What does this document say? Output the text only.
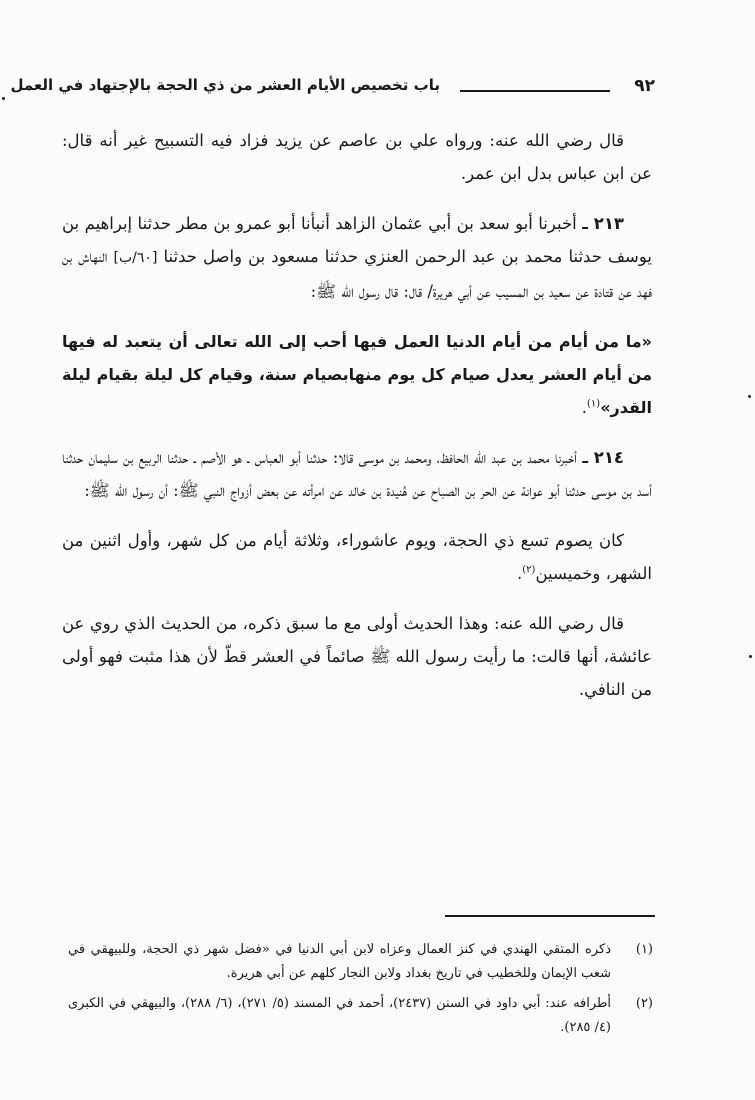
٩٢
باب تخصيص الأيام العشر من ذي الحجة بالإجتهاد في العمل

قال رضي الله عنه: ورواه علي بن عاصم عن يزيد فزاد فيه التسبيح غير أنه قال: عن ابن عباس بدل ابن عمر.

٢١٣ ـ أخبرنا أبو سعد بن أبي عثمان الزاهد أنبأنا أبو عمرو بن مطر حدثنا إبراهيم بن يوسف حدثنا محمد بن عبد الرحمن العنزي حدثنا مسعود بن واصل حدثنا [٦٠/ب] النهاش بن فهد عن قتادة عن سعيد بن المسيب عن أبي هريرة/ قال: قال رسول الله ﷺ:

«ما من أيام من أيام الدنيا العمل فيها أحب إلى الله تعالى أن يتعبد له فيها من أيام العشر يعدل صيام كل يوم منهابصيام سنة، وقيام كل ليلة بقيام ليلة القدر»$^{(١)}$.

٢١٤ ـ أخبرنا محمد بن عبد الله الحافظ، ومحمد بن موسى قالا: حدثنا أبو العباس ـ هو الأصم ـ حدثنا الربيع بن سليمان حدثنا أسد بن موسى حدثنا أبو عوانة عن الحر بن الصباح عن هُنيدة بن خالد عن امرأته عن بعض أزواج النبي ﷺ: أن رسول الله ﷺ:

كان يصوم تسع ذي الحجة، ويوم عاشوراء، وثلاثة أيام من كل شهر، وأول اثنين من الشهر، وخميسين$^{(٢)}$.

قال رضي الله عنه: وهذا الحديث أولى مع ما سبق ذكره، من الحديث الذي روي عن عائشة، أنها قالت: ما رأيت رسول الله ﷺ صائماً في العشر قطّ لأن هذا مثبت فهو أولى من النافي.

(١)
ذكره المتقي الهندي في كنز العمال وعزاه لابن أبي الدنيا في «فضل شهر ذي الحجة، وللبيهقي في شعب الإيمان وللخطيب في تاريخ بغداد ولابن النجار كلهم عن أبي هريرة.
(٢)
أطرافه عند: أبي داود في السنن (٢٤٣٧)، أحمد في المسند (٥/ ٢٧١)، (٦/ ٢٨٨)، والبيهقي في الكبرى (٤/ ٢٨٥).
